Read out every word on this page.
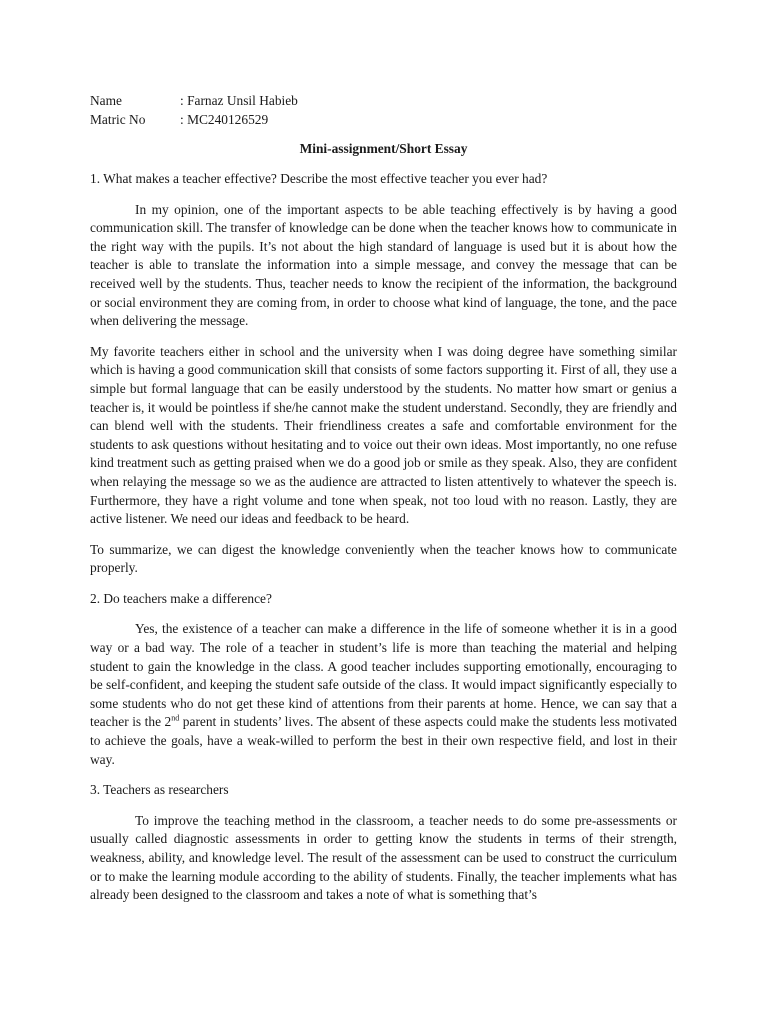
Name	: Farnaz Unsil Habieb
Matric No	: MC240126529
Mini-assignment/Short Essay

1. What makes a teacher effective? Describe the most effective teacher you ever had?

In my opinion, one of the important aspects to be able teaching effectively is by having a good communication skill. The transfer of knowledge can be done when the teacher knows how to communicate in the right way with the pupils. It’s not about the high standard of language is used but it is about how the teacher is able to translate the information into a simple message, and convey the message that can be received well by the students. Thus, teacher needs to know the recipient of the information, the background or social environment they are coming from, in order to choose what kind of language, the tone, and the pace when delivering the message.

My favorite teachers either in school and the university when I was doing degree have something similar which is having a good communication skill that consists of some factors supporting it. First of all, they use a simple but formal language that can be easily understood by the students. No matter how smart or genius a teacher is, it would be pointless if she/he cannot make the student understand. Secondly, they are friendly and can blend well with the students. Their friendliness creates a safe and comfortable environment for the students to ask questions without hesitating and to voice out their own ideas. Most importantly, no one refuse kind treatment such as getting praised when we do a good job or smile as they speak. Also, they are confident when relaying the message so we as the audience are attracted to listen attentively to whatever the speech is. Furthermore, they have a right volume and tone when speak, not too loud with no reason. Lastly, they are active listener. We need our ideas and feedback to be heard.

To summarize, we can digest the knowledge conveniently when the teacher knows how to communicate properly.

2. Do teachers make a difference?

Yes, the existence of a teacher can make a difference in the life of someone whether it is in a good way or a bad way. The role of a teacher in student’s life is more than teaching the material and helping student to gain the knowledge in the class. A good teacher includes supporting emotionally, encouraging to be self-confident, and keeping the student safe outside of the class. It would impact significantly especially to some students who do not get these kind of attentions from their parents at home. Hence, we can say that a teacher is the 2nd parent in students’ lives. The absent of these aspects could make the students less motivated to achieve the goals, have a weak-willed to perform the best in their own respective field, and lost in their way.

3. Teachers as researchers

To improve the teaching method in the classroom, a teacher needs to do some pre-assessments or usually called diagnostic assessments in order to getting know the students in terms of their strength, weakness, ability, and knowledge level. The result of the assessment can be used to construct the curriculum or to make the learning module according to the ability of students. Finally, the teacher implements what has already been designed to the classroom and takes a note of what is something that’s
